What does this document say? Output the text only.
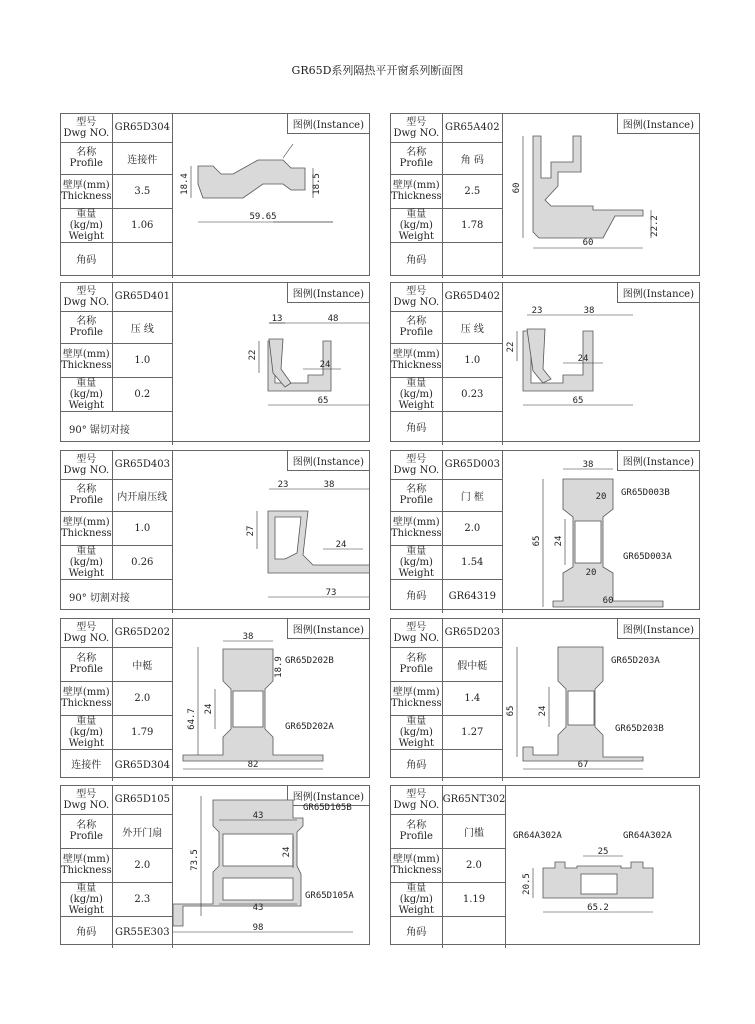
GR65D系列隔热平开窗系列断面图
型号
Dwg NO.	GR65D304
名称
Profile	连接件
壁厚(mm)
Thickness	3.5
重量(kg/m)
Weight	1.06
角码	
图例(Instance)
18.4	18.5
59.65
型号
Dwg NO.	GR65A402
名称
Profile	角 码
壁厚(mm)
Thickness	2.5
重量(kg/m)
Weight	1.78
角码	
图例(Instance)
60
22.2
60
型号
Dwg NO.	GR65D401
名称
Profile	压 线
壁厚(mm)
Thickness	1.0
重量(kg/m)
Weight	0.2
90° 锯切对接	
图例(Instance)
13	48
22
24
65
型号
Dwg NO.	GR65D402
名称
Profile	压 线
壁厚(mm)
Thickness	1.0
重量(kg/m)
Weight	0.23
角码	
图例(Instance)
23	38
22
24
65
型号
Dwg NO.	GR65D403
名称
Profile	内开扇压线
壁厚(mm)
Thickness	1.0
重量(kg/m)
Weight	0.26
90° 切割对接	
图例(Instance)
23	38
27
24
73
型号
Dwg NO.	GR65D003
名称
Profile	门 框
壁厚(mm)
Thickness	2.0
重量(kg/m)
Weight	1.54
角码	GR64319
图例(Instance)
38
20
65 24
20
60
GR65D003B
GR65D003A
型号
Dwg NO.	GR65D202
名称
Profile	中梃
壁厚(mm)
Thickness	2.0
重量(kg/m)
Weight	1.79
连接件	GR65D304
图例(Instance)
38
18.9
64.7 24
82
GR65D202B
GR65D202A
型号
Dwg NO.	GR65D203
名称
Profile	假中梃
壁厚(mm)
Thickness	1.4
重量(kg/m)
Weight	1.27
角码	
图例(Instance)
65 24
67
GR65D203A
GR65D203B
型号
Dwg NO.	GR65D105
名称
Profile	外开门扇
壁厚(mm)
Thickness	2.0
重量(kg/m)
Weight	2.3
角码	GR55E303
图例(Instance)
43
73.5	24
43
98
GR65D105B
GR65D105A
型号
Dwg NO.	GR65NT302
名称
Profile	门槛
壁厚(mm)
Thickness	2.0
重量(kg/m)
Weight	1.19
角码	
25
20.5
65.2
GR64A302A	GR64A302A
